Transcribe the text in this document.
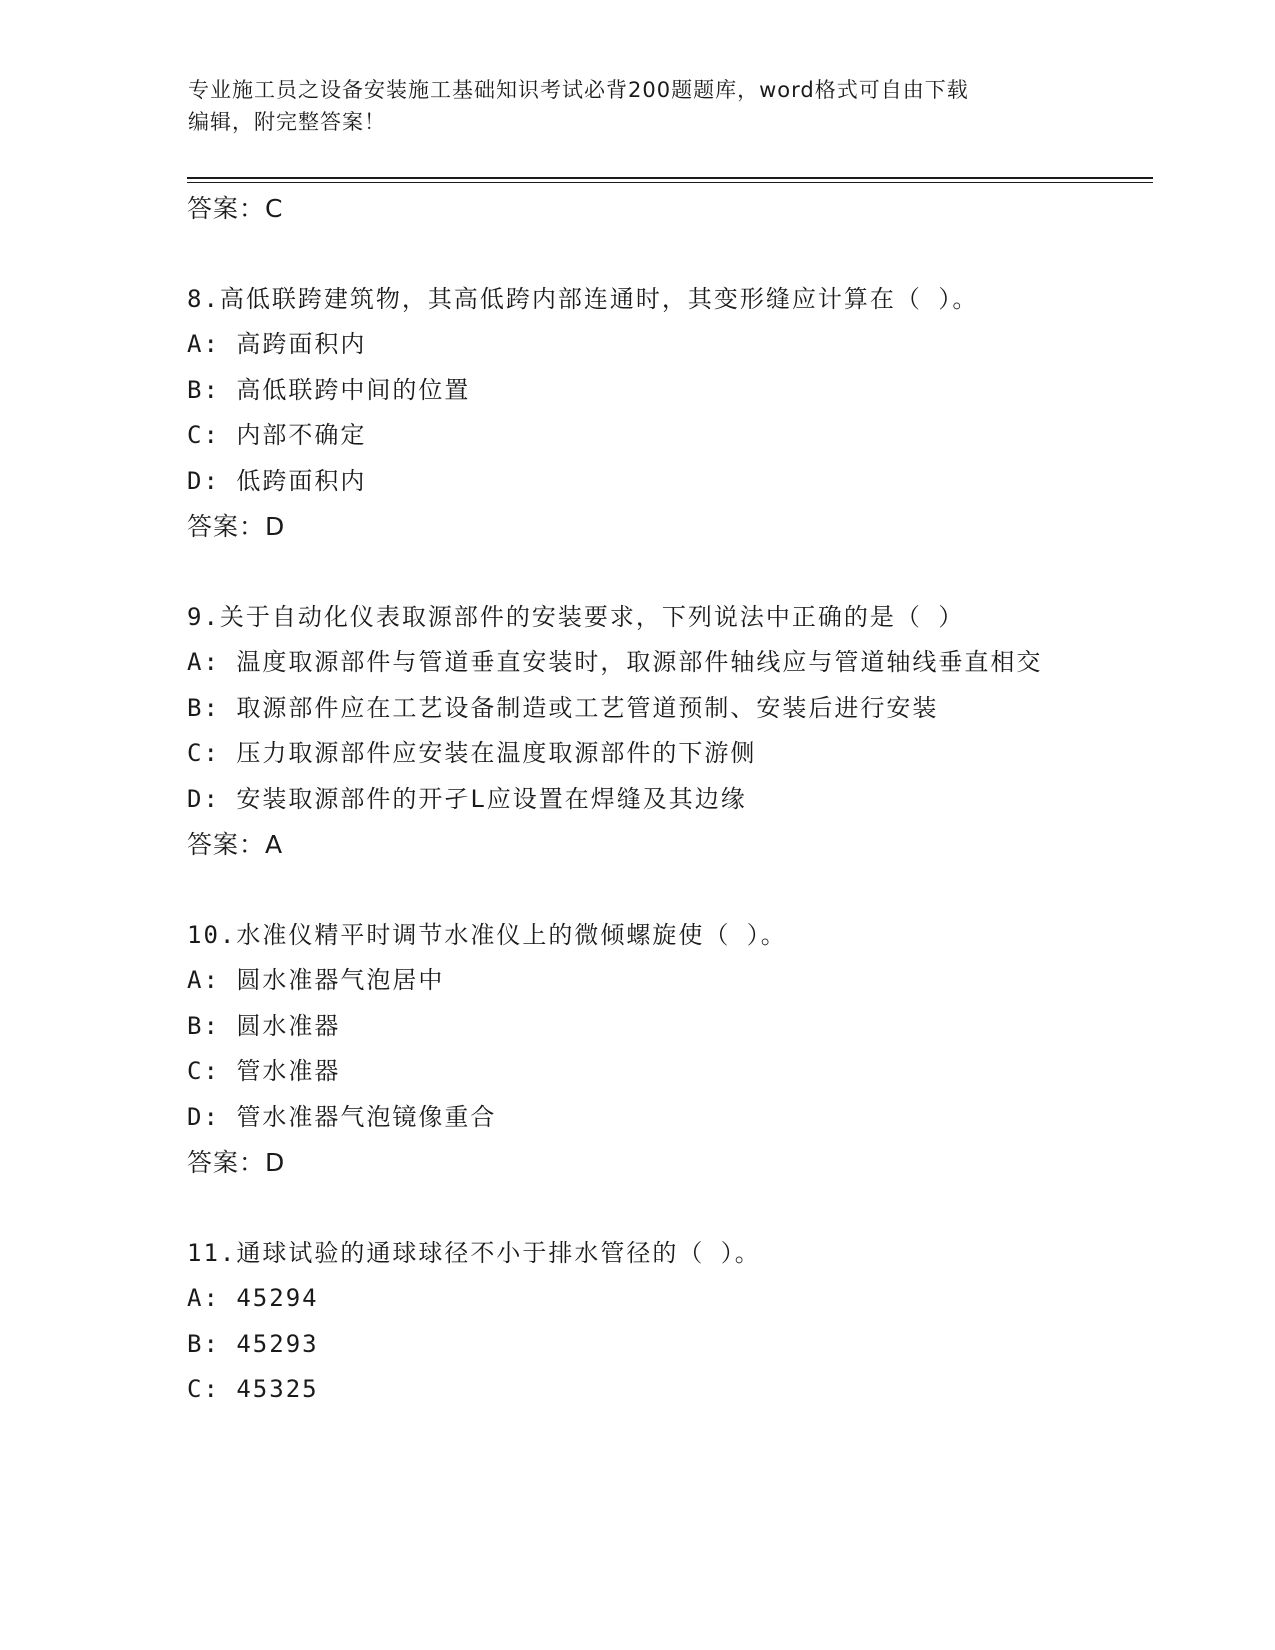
专业施工员之设备安装施工基础知识考试必背200题题库，word格式可自由下载
编辑，附完整答案！

答案：C

8.高低联跨建筑物，其高低跨内部连通时，其变形缝应计算在（ ）。

A: 高跨面积内

B: 高低联跨中间的位置

C: 内部不确定

D: 低跨面积内

答案：D

9.关于自动化仪表取源部件的安装要求，下列说法中正确的是（ ）

A: 温度取源部件与管道垂直安装时，取源部件轴线应与管道轴线垂直相交

B: 取源部件应在工艺设备制造或工艺管道预制、安装后进行安装

C: 压力取源部件应安装在温度取源部件的下游侧

D: 安装取源部件的开孑L应设置在焊缝及其边缘

答案：A

10.水准仪精平时调节水准仪上的微倾螺旋使（ ）。

A: 圆水准器气泡居中

B: 圆水准器

C: 管水准器

D: 管水准器气泡镜像重合

答案：D

11.通球试验的通球球径不小于排水管径的（ ）。

A: 45294

B: 45293

C: 45325
